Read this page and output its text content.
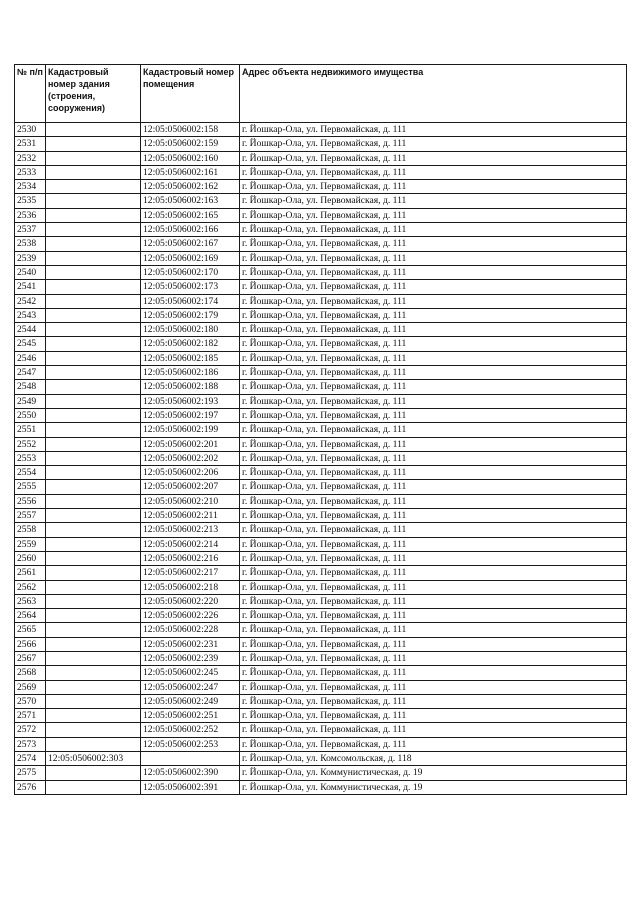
№ п/п	Кадастровый номер здания (строения, сооружения)	Кадастровый номер помещения	Адрес объекта недвижимого имущества
2530		12:05:0506002:158	г. Йошкар-Ола, ул. Первомайская, д. 111
2531		12:05:0506002:159	г. Йошкар-Ола, ул. Первомайская, д. 111
2532		12:05:0506002:160	г. Йошкар-Ола, ул. Первомайская, д. 111
2533		12:05:0506002:161	г. Йошкар-Ола, ул. Первомайская, д. 111
2534		12:05:0506002:162	г. Йошкар-Ола, ул. Первомайская, д. 111
2535		12:05:0506002:163	г. Йошкар-Ола, ул. Первомайская, д. 111
2536		12:05:0506002:165	г. Йошкар-Ола, ул. Первомайская, д. 111
2537		12:05:0506002:166	г. Йошкар-Ола, ул. Первомайская, д. 111
2538		12:05:0506002:167	г. Йошкар-Ола, ул. Первомайская, д. 111
2539		12:05:0506002:169	г. Йошкар-Ола, ул. Первомайская, д. 111
2540		12:05:0506002:170	г. Йошкар-Ола, ул. Первомайская, д. 111
2541		12:05:0506002:173	г. Йошкар-Ола, ул. Первомайская, д. 111
2542		12:05:0506002:174	г. Йошкар-Ола, ул. Первомайская, д. 111
2543		12:05:0506002:179	г. Йошкар-Ола, ул. Первомайская, д. 111
2544		12:05:0506002:180	г. Йошкар-Ола, ул. Первомайская, д. 111
2545		12:05:0506002:182	г. Йошкар-Ола, ул. Первомайская, д. 111
2546		12:05:0506002:185	г. Йошкар-Ола, ул. Первомайская, д. 111
2547		12:05:0506002:186	г. Йошкар-Ола, ул. Первомайская, д. 111
2548		12:05:0506002:188	г. Йошкар-Ола, ул. Первомайская, д. 111
2549		12:05:0506002:193	г. Йошкар-Ола, ул. Первомайская, д. 111
2550		12:05:0506002:197	г. Йошкар-Ола, ул. Первомайская, д. 111
2551		12:05:0506002:199	г. Йошкар-Ола, ул. Первомайская, д. 111
2552		12:05:0506002:201	г. Йошкар-Ола, ул. Первомайская, д. 111
2553		12:05:0506002:202	г. Йошкар-Ола, ул. Первомайская, д. 111
2554		12:05:0506002:206	г. Йошкар-Ола, ул. Первомайская, д. 111
2555		12:05:0506002:207	г. Йошкар-Ола, ул. Первомайская, д. 111
2556		12:05:0506002:210	г. Йошкар-Ола, ул. Первомайская, д. 111
2557		12:05:0506002:211	г. Йошкар-Ола, ул. Первомайская, д. 111
2558		12:05:0506002:213	г. Йошкар-Ола, ул. Первомайская, д. 111
2559		12:05:0506002:214	г. Йошкар-Ола, ул. Первомайская, д. 111
2560		12:05:0506002:216	г. Йошкар-Ола, ул. Первомайская, д. 111
2561		12:05:0506002:217	г. Йошкар-Ола, ул. Первомайская, д. 111
2562		12:05:0506002:218	г. Йошкар-Ола, ул. Первомайская, д. 111
2563		12:05:0506002:220	г. Йошкар-Ола, ул. Первомайская, д. 111
2564		12:05:0506002:226	г. Йошкар-Ола, ул. Первомайская, д. 111
2565		12:05:0506002:228	г. Йошкар-Ола, ул. Первомайская, д. 111
2566		12:05:0506002:231	г. Йошкар-Ола, ул. Первомайская, д. 111
2567		12:05:0506002:239	г. Йошкар-Ола, ул. Первомайская, д. 111
2568		12:05:0506002:245	г. Йошкар-Ола, ул. Первомайская, д. 111
2569		12:05:0506002:247	г. Йошкар-Ола, ул. Первомайская, д. 111
2570		12:05:0506002:249	г. Йошкар-Ола, ул. Первомайская, д. 111
2571		12:05:0506002:251	г. Йошкар-Ола, ул. Первомайская, д. 111
2572		12:05:0506002:252	г. Йошкар-Ола, ул. Первомайская, д. 111
2573		12:05:0506002:253	г. Йошкар-Ола, ул. Первомайская, д. 111
2574	12:05:0506002:303		г. Йошкар-Ола, ул. Комсомольская, д. 118
2575		12:05:0506002:390	г. Йошкар-Ола, ул. Коммунистическая, д. 19
2576		12:05:0506002:391	г. Йошкар-Ола, ул. Коммунистическая, д. 19
